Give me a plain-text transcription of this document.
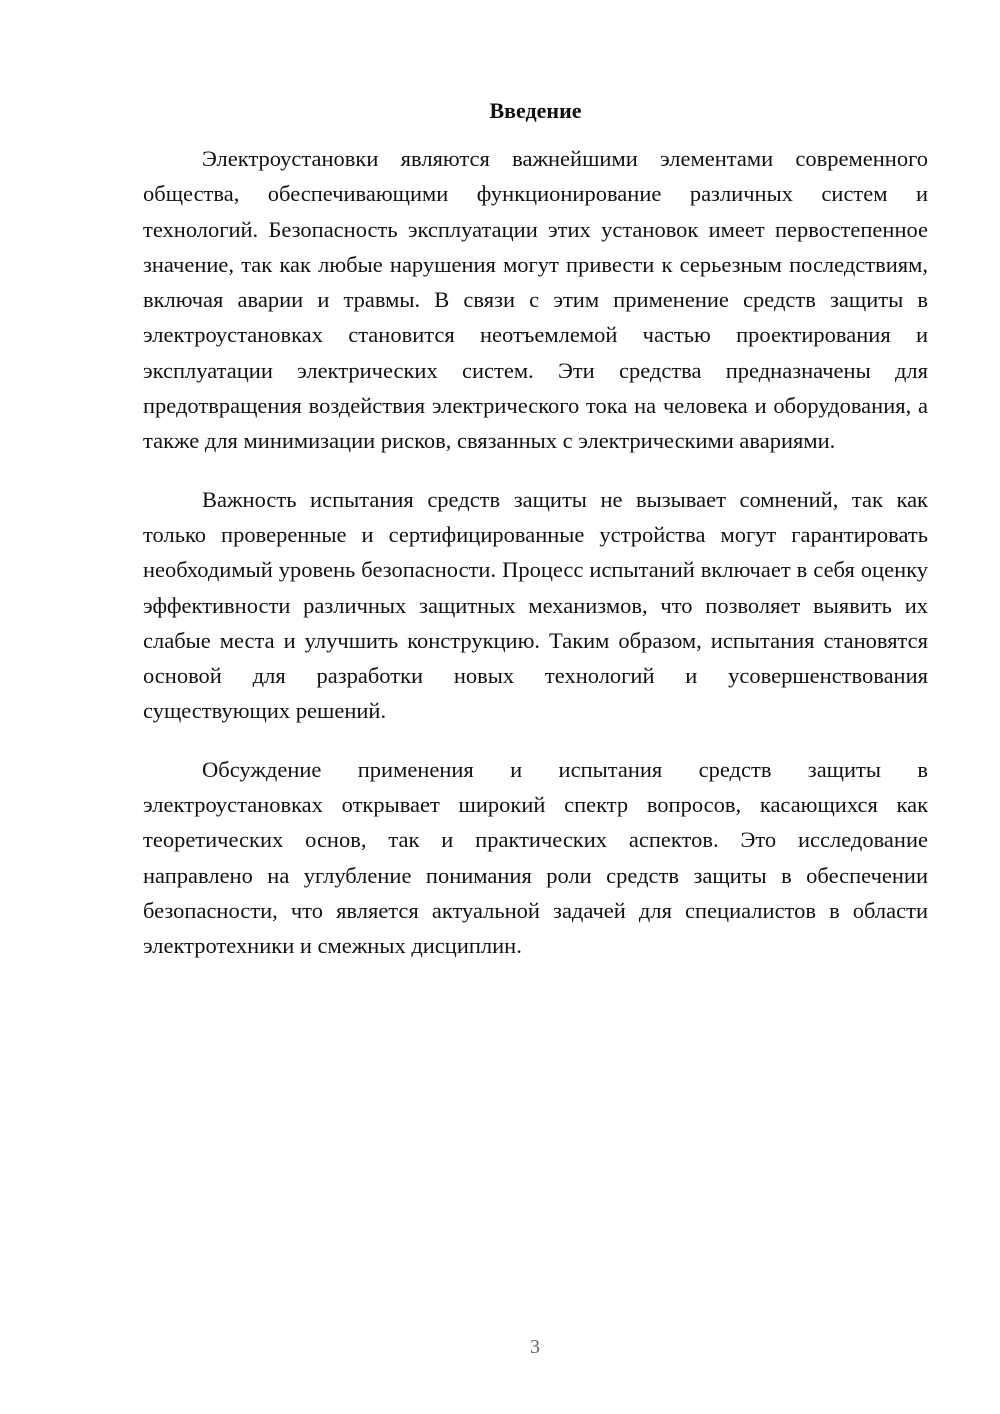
Введение

Электроустановки являются важнейшими элементами современного общества, обеспечивающими функционирование различных систем и технологий. Безопасность эксплуатации этих установок имеет первостепенное значение, так как любые нарушения могут привести к серьезным последствиям, включая аварии и травмы. В связи с этим применение средств защиты в электроустановках становится неотъемлемой частью проектирования и эксплуатации электрических систем. Эти средства предназначены для предотвращения воздействия электрического тока на человека и оборудования, а также для минимизации рисков, связанных с электрическими авариями.

Важность испытания средств защиты не вызывает сомнений, так как только проверенные и сертифицированные устройства могут гарантировать необходимый уровень безопасности. Процесс испытаний включает в себя оценку эффективности различных защитных механизмов, что позволяет выявить их слабые места и улучшить конструкцию. Таким образом, испытания становятся основой для разработки новых технологий и усовершенствования существующих решений.

Обсуждение применения и испытания средств защиты в электроустановках открывает широкий спектр вопросов, касающихся как теоретических основ, так и практических аспектов. Это исследование направлено на углубление понимания роли средств защиты в обеспечении безопасности, что является актуальной задачей для специалистов в области электротехники и смежных дисциплин.

3
